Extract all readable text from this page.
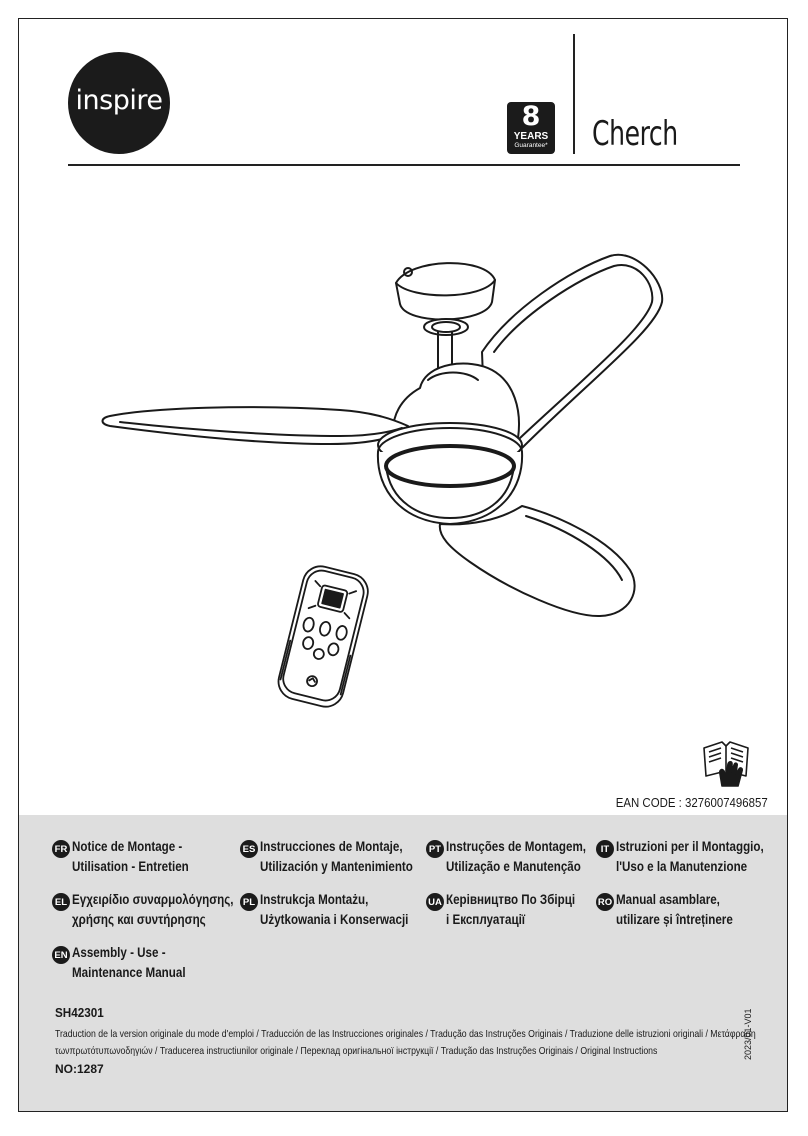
inspire
8
YEARS
Guarantee* Cherch
EAN CODE : 3276007496857
FR Notice de Montage -
Utilisation - Entretien
ES Instrucciones de Montaje,
Utilización y Mantenimiento
PT Instruções de Montagem,
Utilização e Manutenção
IT Istruzioni per il Montaggio,
l'Uso e la Manutenzione
EL Εγχειρίδιο συναρμολόγησης,
χρήσης και συντήρησης
PL Instrukcja Montażu,
Użytkowania i Konserwacji
UA Керівництво По Збірці
і Експлуатації
RO Manual asamblare,
utilizare și întreținere
EN Assembly - Use -
Maintenance Manual
SH42301
Traduction de la version originale du mode d'emploi / Traducción de las Instrucciones originales / Tradução das Instruções Originais / Traduzione delle istruzioni originali / Μετάφραση
τωνπρωτότυπωνοδηγιών / Traducerea instructiunilor originale / Переклад оригінальної інструкції / Tradução das Instruções Originais / Original Instructions
NO:1287
2023/01-V01
